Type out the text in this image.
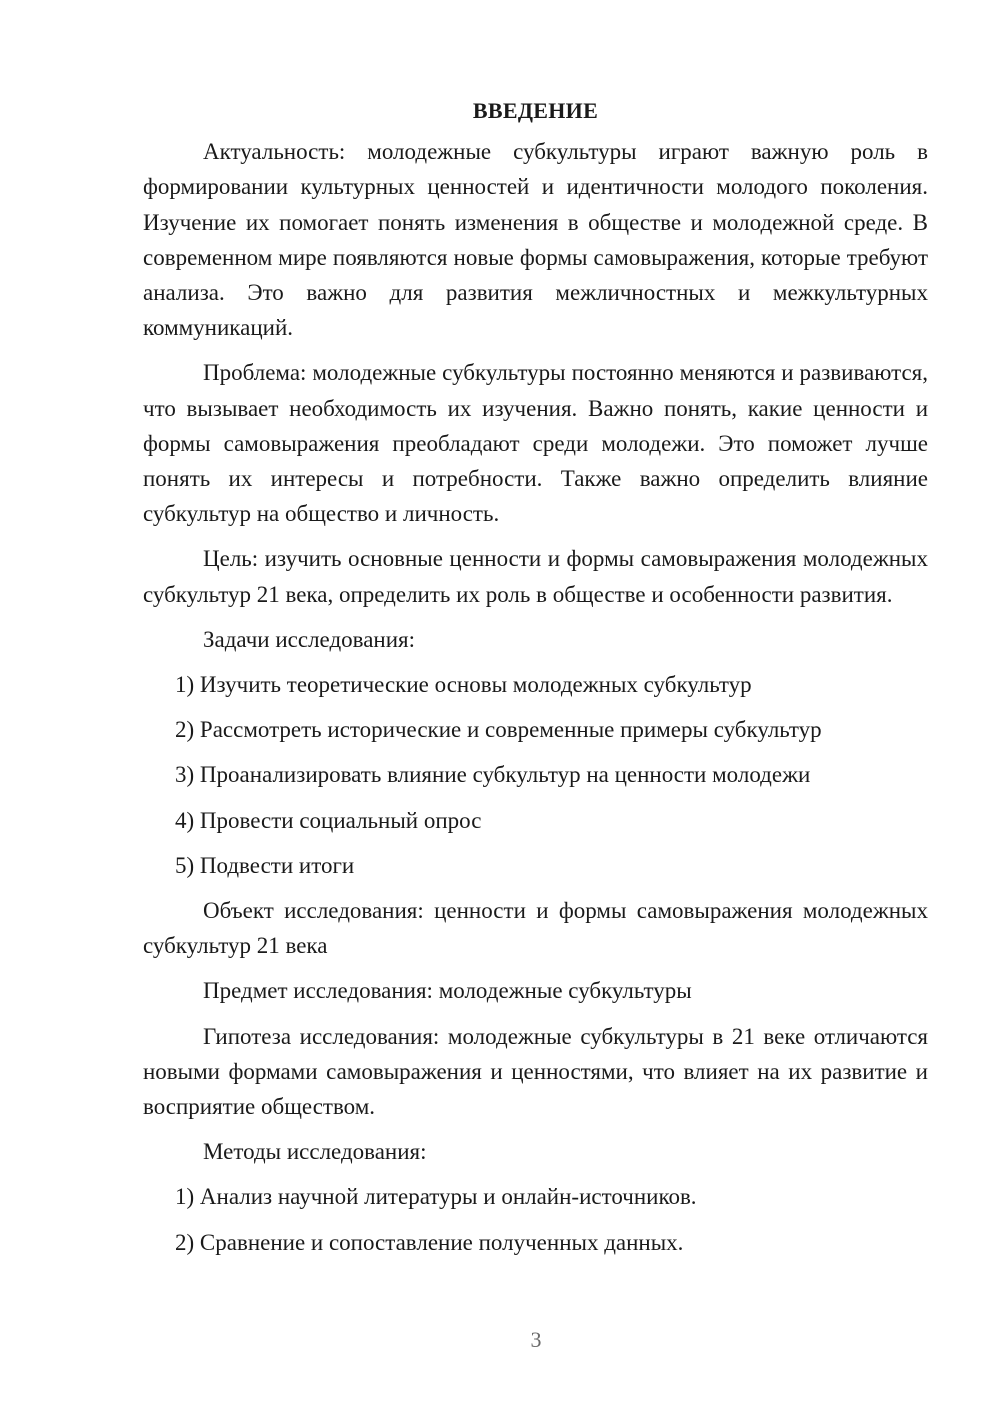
ВВЕДЕНИЕ

Актуальность: молодежные субкультуры играют важную роль в формировании культурных ценностей и идентичности молодого поколения. Изучение их помогает понять изменения в обществе и молодежной среде. В современном мире появляются новые формы самовыражения, которые требуют анализа. Это важно для развития межличностных и межкультурных коммуникаций.

Проблема: молодежные субкультуры постоянно меняются и развиваются, что вызывает необходимость их изучения. Важно понять, какие ценности и формы самовыражения преобладают среди молодежи. Это поможет лучше понять их интересы и потребности. Также важно определить влияние субкультур на общество и личность.

Цель: изучить основные ценности и формы самовыражения молодежных субкультур 21 века, определить их роль в обществе и особенности развития.

Задачи исследования:

1) Изучить теоретические основы молодежных субкультур

2) Рассмотреть исторические и современные примеры субкультур

3) Проанализировать влияние субкультур на ценности молодежи

4) Провести социальный опрос

5) Подвести итоги

Объект исследования: ценности и формы самовыражения молодежных субкультур 21 века

Предмет исследования: молодежные субкультуры

Гипотеза исследования: молодежные субкультуры в 21 веке отличаются новыми формами самовыражения и ценностями, что влияет на их развитие и восприятие обществом.

Методы исследования:

1) Анализ научной литературы и онлайн-источников.

2) Сравнение и сопоставление полученных данных.

3
